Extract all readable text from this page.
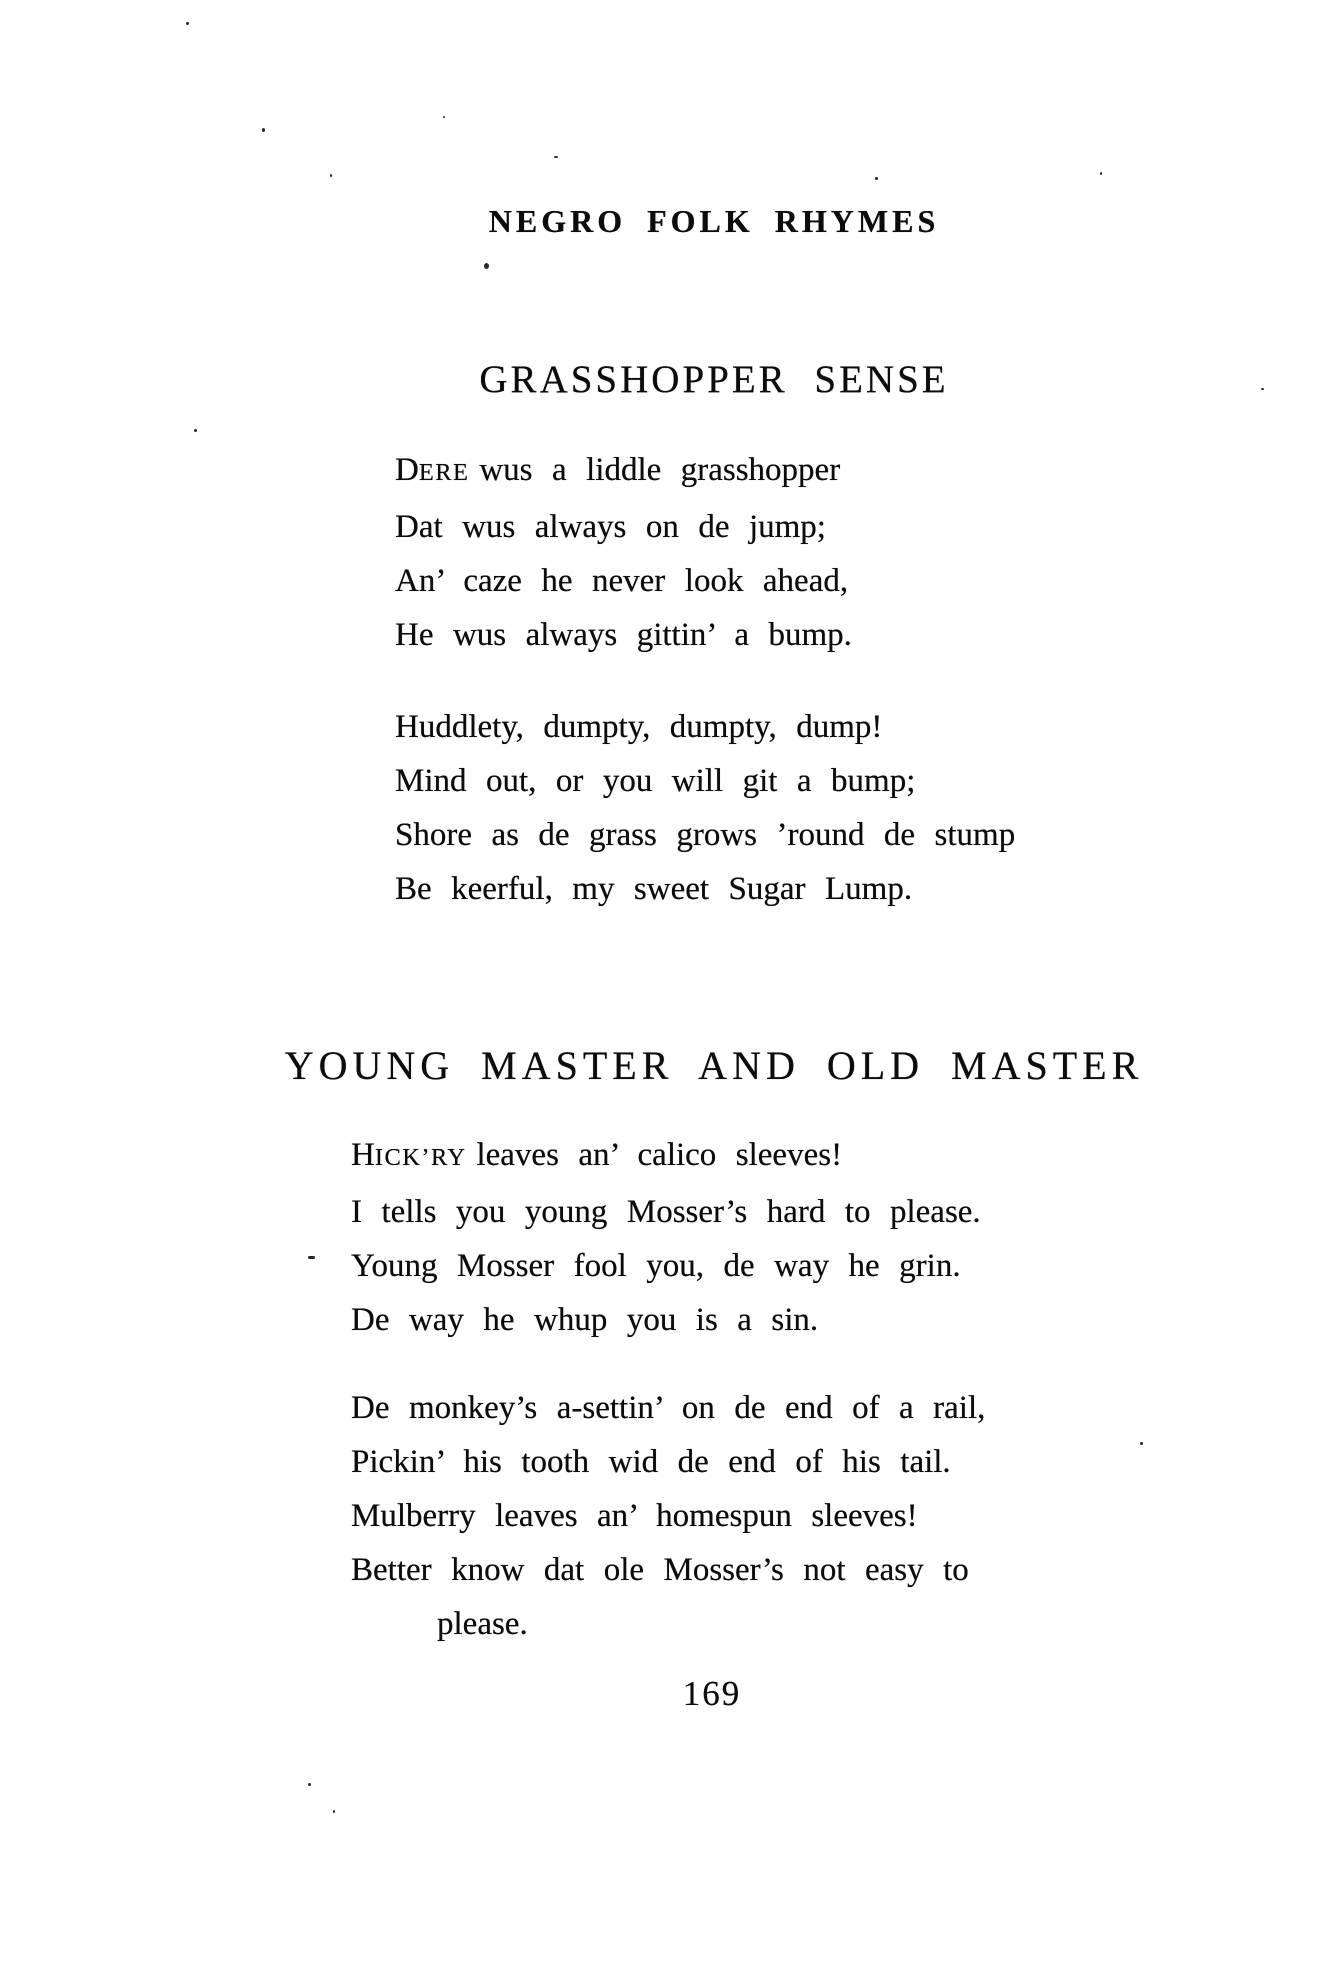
NEGRO FOLK RHYMES
GRASSHOPPER SENSE
DERE wus a liddle grasshopper
Dat wus always on de jump;
An’ caze he never look ahead,
He wus always gittin’ a bump.
Huddlety, dumpty, dumpty, dump!
Mind out, or you will git a bump;
Shore as de grass grows ’round de stump
Be keerful, my sweet Sugar Lump.
YOUNG MASTER AND OLD MASTER
HICK’RY leaves an’ calico sleeves!
I tells you young Mosser’s hard to please.
Young Mosser fool you, de way he grin.
De way he whup you is a sin.
De monkey’s a-settin’ on de end of a rail,
Pickin’ his tooth wid de end of his tail.
Mulberry leaves an’ homespun sleeves!
Better know dat ole Mosser’s not easy to
please.
169
